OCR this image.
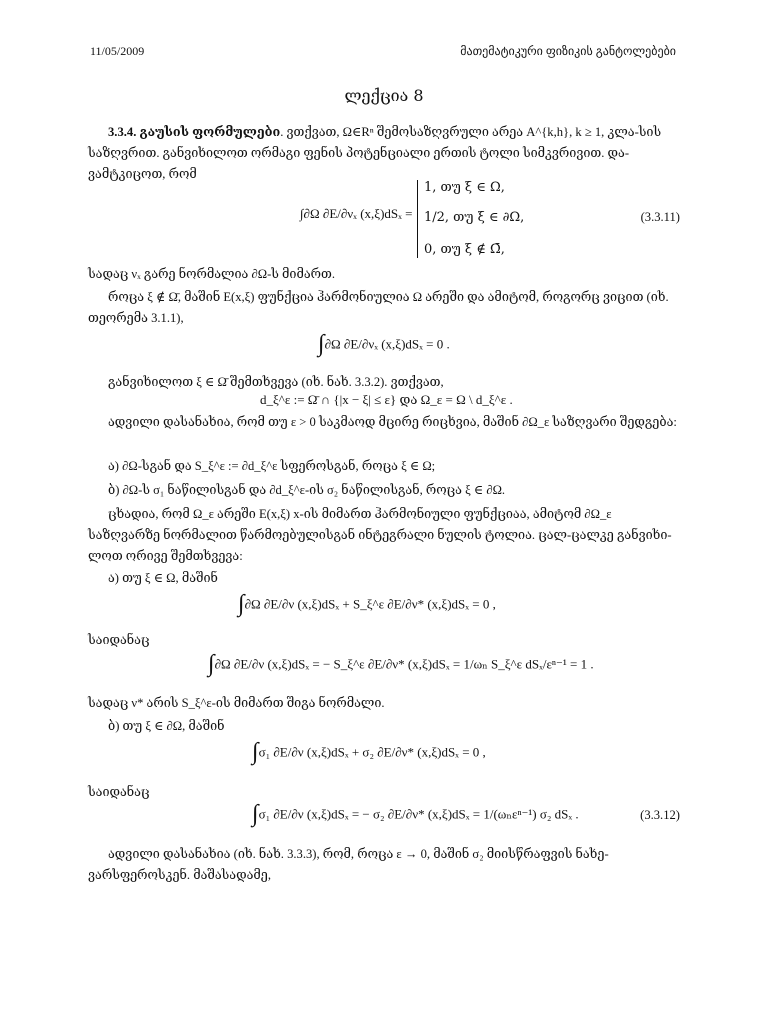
11/05/2009	მათემატიკური ფიზიკის განტოლებები
ლექცია 8
3.3.4. გაუსის ფორმულები. ვთქვათ, Ω∈Rⁿ შემოსაზღვრული არეა A^{k,h}, k ≥ 1, კლა-სის საზღვრით. განვიხილოთ ორმაგი ფენის პოტენციალი ერთის ტოლი სიმკვრივით. და-ვამტკიცოთ, რომ
∫∂Ω ∂E/∂νₓ (x,ξ)dSₓ =
1, თუ ξ ∈ Ω,
1/2, თუ ξ ∈ ∂Ω,
0, თუ ξ ∉ Ω̄,
(3.3.11)
სადაც νₓ გარე ნორმალია ∂Ω-ს მიმართ.
როცა ξ ∉ Ω̄, მაშინ E(x,ξ) ფუნქცია ჰარმონიულია Ω არეში და ამიტომ, როგორც ვიცით (იხ. თეორემა 3.1.1),
∫∂Ω ∂E/∂νₓ (x,ξ)dSₓ = 0 .
განვიხილოთ ξ ∈ Ω̄ შემთხვევა (იხ. ნახ. 3.3.2). ვთქვათ,
d_ξ^ε := Ω̄ ∩ {|x − ξ| ≤ ε} და Ω_ε = Ω \ d_ξ^ε .
ადვილი დასანახია, რომ თუ ε > 0 საკმაოდ მცირე რიცხვია, მაშინ ∂Ω_ε საზღვარი შედგება:
ა) ∂Ω-სგან და S_ξ^ε := ∂d_ξ^ε სფეროსგან, როცა ξ ∈ Ω;
ბ) ∂Ω-ს σ₁ ნაწილისგან და ∂d_ξ^ε-ის σ₂ ნაწილისგან, როცა ξ ∈ ∂Ω.
ცხადია, რომ Ω_ε არეში E(x,ξ) x-ის მიმართ ჰარმონიული ფუნქციაა, ამიტომ ∂Ω_ε საზღვარზე ნორმალით წარმოებულისგან ინტეგრალი ნულის ტოლია. ცალ-ცალკე განვიხი-ლოთ ორივე შემთხვევა:
ა) თუ ξ ∈ Ω, მაშინ
∫∂Ω ∂E/∂ν (x,ξ)dSₓ + S_ξ^ε ∂E/∂ν* (x,ξ)dSₓ = 0 ,
საიდანაც
∫∂Ω ∂E/∂ν (x,ξ)dSₓ = − S_ξ^ε ∂E/∂ν* (x,ξ)dSₓ = 1/ωₙ S_ξ^ε dSₓ/εⁿ⁻¹ = 1 .
სადაც ν* არის S_ξ^ε-ის მიმართ შიგა ნორმალი.
ბ) თუ ξ ∈ ∂Ω, მაშინ
∫σ₁ ∂E/∂ν (x,ξ)dSₓ + σ₂ ∂E/∂ν* (x,ξ)dSₓ = 0 ,
საიდანაც
∫σ₁ ∂E/∂ν (x,ξ)dSₓ = − σ₂ ∂E/∂ν* (x,ξ)dSₓ = 1/(ωₙεⁿ⁻¹) σ₂ dSₓ .	(3.3.12)
ადვილი დასანახია (იხ. ნახ. 3.3.3), რომ, როცა ε → 0, მაშინ σ₂ მიისწრაფვის ნახე-ვარსფეროსკენ. მაშასადამე,
